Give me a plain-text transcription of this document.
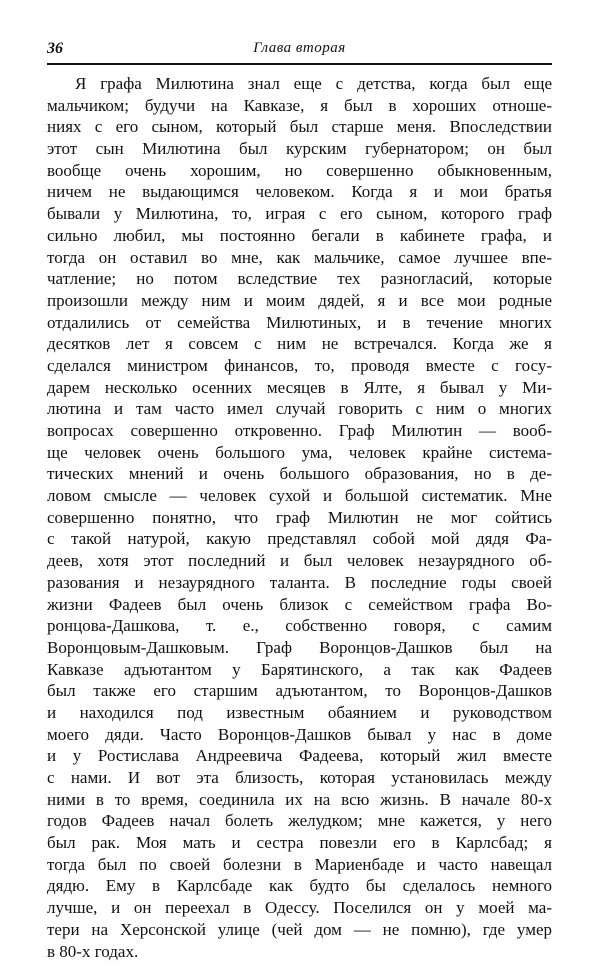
36	Глава вторая
Я графа Милютина знал еще с детства, когда был еще
мальчиком; будучи на Кавказе, я был в хороших отноше-
ниях с его сыном, который был старше меня. Впоследствии
этот сын Милютина был курским губернатором; он был
вообще очень хорошим, но совершенно обыкновенным,
ничем не выдающимся человеком. Когда я и мои братья
бывали у Милютина, то, играя с его сыном, которого граф
сильно любил, мы постоянно бегали в кабинете графа, и
тогда он оставил во мне, как мальчике, самое лучшее впе-
чатление; но потом вследствие тех разногласий, которые
произошли между ним и моим дядей, я и все мои родные
отдалились от семейства Милютиных, и в течение многих
десятков лет я совсем с ним не встречался. Когда же я
сделался министром финансов, то, проводя вместе с госу-
дарем несколько осенних месяцев в Ялте, я бывал у Ми-
лютина и там часто имел случай говорить с ним о многих
вопросах совершенно откровенно. Граф Милютин — вооб-
ще человек очень большого ума, человек крайне система-
тических мнений и очень большого образования, но в де-
ловом смысле — человек сухой и большой систематик. Мне
совершенно понятно, что граф Милютин не мог сойтись
с такой натурой, какую представлял собой мой дядя Фа-
деев, хотя этот последний и был человек незаурядного об-
разования и незаурядного таланта. В последние годы своей
жизни Фадеев был очень близок с семейством графа Во-
ронцова-Дашкова, т. е., собственно говоря, с самим
Воронцовым-Дашковым. Граф Воронцов-Дашков был на
Кавказе адъютантом у Барятинского, а так как Фадеев
был также его старшим адъютантом, то Воронцов-Дашков
и находился под известным обаянием и руководством
моего дяди. Часто Воронцов-Дашков бывал у нас в доме
и у Ростислава Андреевича Фадеева, который жил вместе
с нами. И вот эта близость, которая установилась между
ними в то время, соединила их на всю жизнь. В начале 80-х
годов Фадеев начал болеть желудком; мне кажется, у него
был рак. Моя мать и сестра повезли его в Карлсбад; я
тогда был по своей болезни в Мариенбаде и часто навещал
дядю. Ему в Карлсбаде как будто бы сделалось немного
лучше, и он переехал в Одессу. Поселился он у моей ма-
тери на Херсонской улице (чей дом — не помню), где умер
в 80-х годах.
